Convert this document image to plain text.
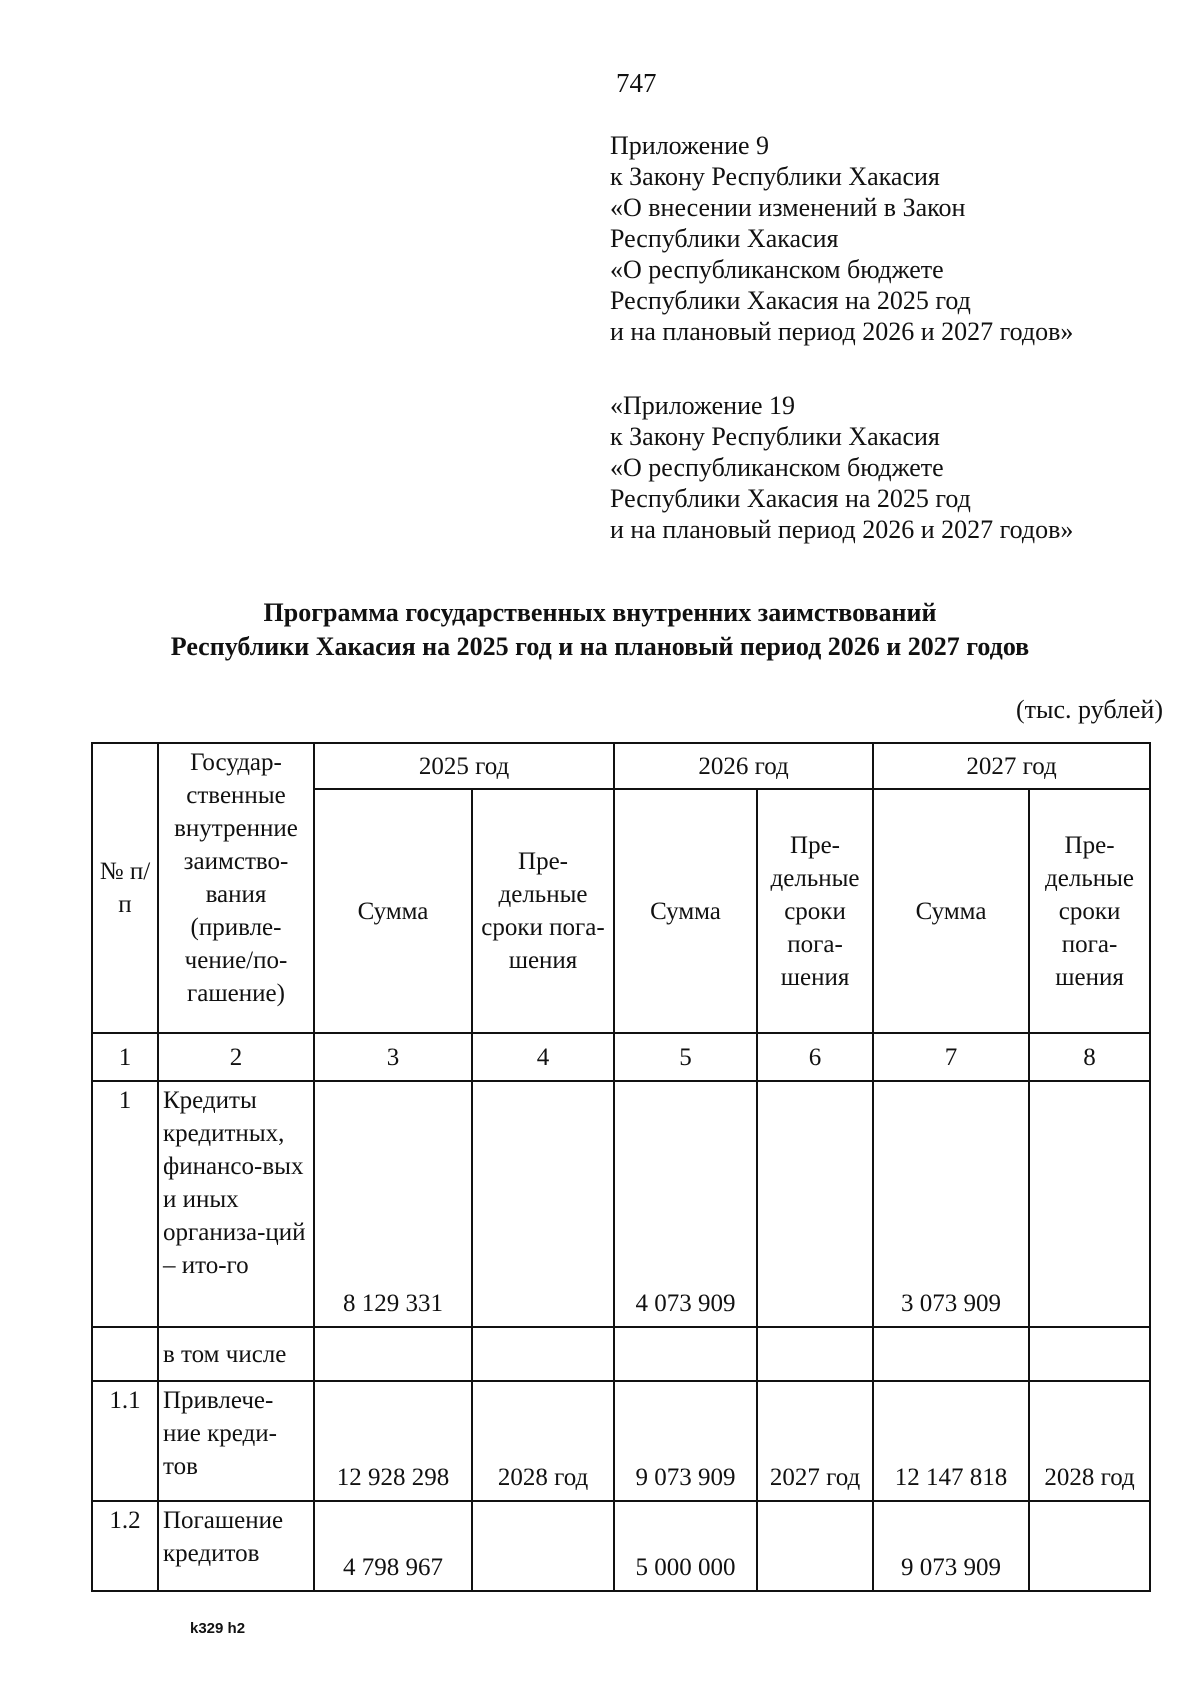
747
Приложение 9
к Закону Республики Хакасия
«О внесении изменений в Закон
Республики Хакасия
«О республиканском бюджете
Республики Хакасия на 2025 год
и на плановый период 2026 и 2027 годов»
«Приложение 19
к Закону Республики Хакасия
«О республиканском бюджете
Республики Хакасия на 2025 год
и на плановый период 2026 и 2027 годов»
Программа государственных внутренних заимствований
Республики Хакасия на 2025 год и на плановый период 2026 и 2027 годов
(тыс. рублей)
№ п/п	Государ-ственные внутренние заимство-вания (привле-чение/по-гашение)	2025 год		2026 год		2027 год	
		Сумма	Пре-дельные сроки пога-шения	Сумма	Пре-дельные сроки пога-шения	Сумма	Пре-дельные сроки пога-шения
1	2	3	4	5	6	7	8
1	Кредиты кредитных, финансо-вых и иных организа-ций – ито-го	8 129 331		4 073 909		3 073 909	
	в том числе						
1.1	Привлече-ние креди-тов	12 928 298	2028 год	9 073 909	2027 год	12 147 818	2028 год
1.2	Погашение кредитов	4 798 967		5 000 000		9 073 909	
k329 h2
